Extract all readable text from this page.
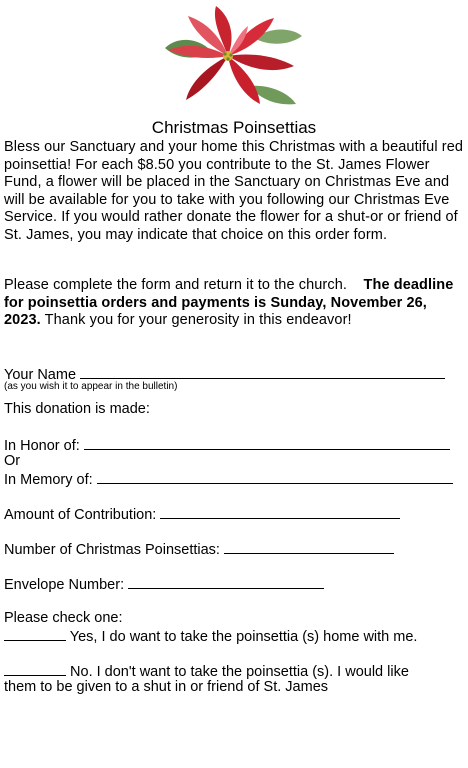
Christmas Poinsettias
Bless our Sanctuary and your home this Christmas with a beautiful red poinsettia! For each $8.50 you contribute to the St. James Flower Fund, a flower will be placed in the Sanctuary on Christmas Eve and will be available for you to take with you following our Christmas Eve Service. If you would rather donate the flower for a shut-or or friend of St. James, you may indicate that choice on this order form.
Please complete the form and return it to the church. The deadline for poinsettia orders and payments is Sunday, November 26, 2023. Thank you for your generosity in this endeavor!
Your Name
(as you wish it to appear in the bulletin)
This donation is made:
In Honor of:
Or
In Memory of:
Amount of Contribution:
Number of Christmas Poinsettias:
Envelope Number:
Please check one:
Yes, I do want to take the poinsettia (s) home with me.
No. I don't want to take the poinsettia (s). I would like
them to be given to a shut in or friend of St. James
